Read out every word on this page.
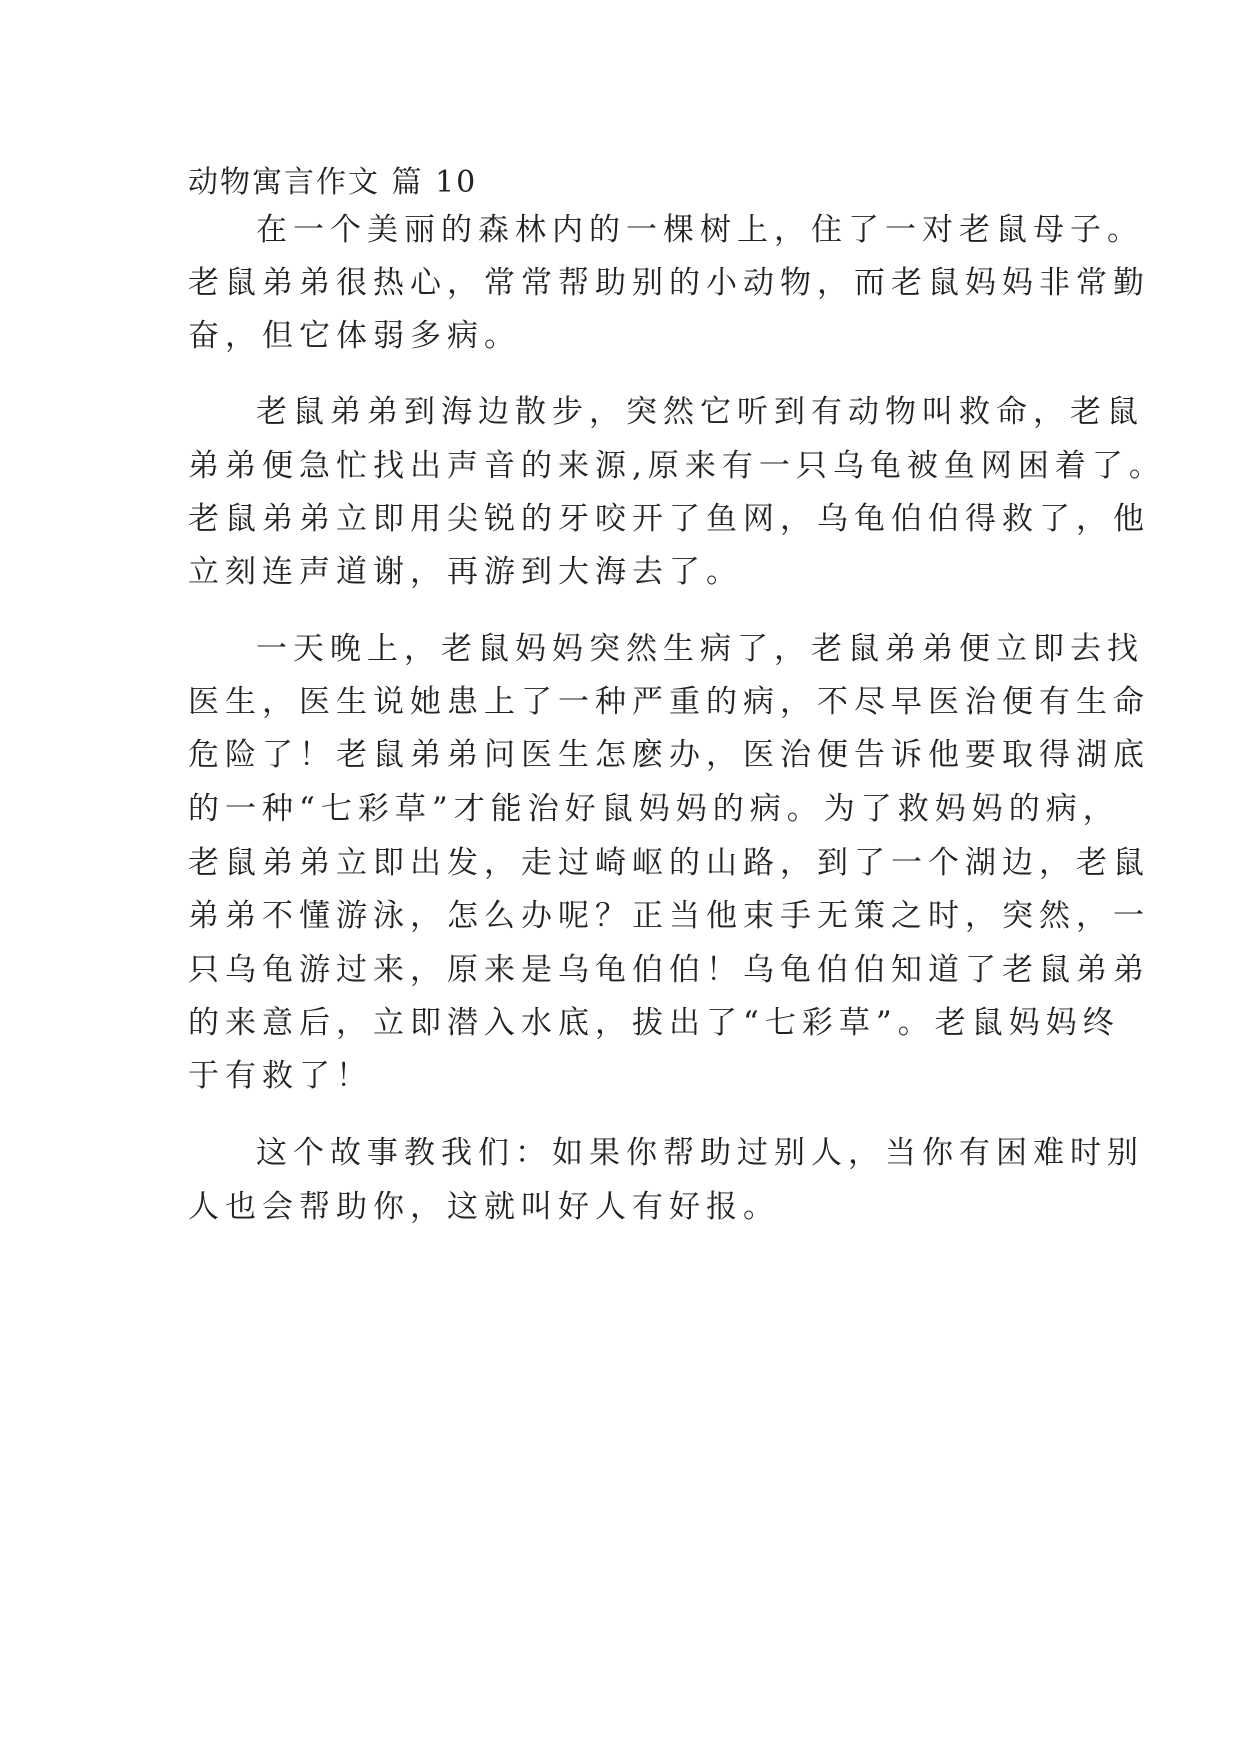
动物寓言作文 篇 10
在一个美丽的森林内的一棵树上，住了一对老鼠母子。
老鼠弟弟很热心，常常帮助别的小动物，而老鼠妈妈非常勤
奋，但它体弱多病。
老鼠弟弟到海边散步，突然它听到有动物叫救命，老鼠
弟弟便急忙找出声音的来源,原来有一只乌龟被鱼网困着了。
老鼠弟弟立即用尖锐的牙咬开了鱼网，乌龟伯伯得救了，他
立刻连声道谢，再游到大海去了。
一天晚上，老鼠妈妈突然生病了，老鼠弟弟便立即去找
医生，医生说她患上了一种严重的病，不尽早医治便有生命
危险了！老鼠弟弟问医生怎麽办，医治便告诉他要取得湖底
的一种“七彩草”才能治好鼠妈妈的病。为了救妈妈的病，
老鼠弟弟立即出发，走过崎岖的山路，到了一个湖边，老鼠
弟弟不懂游泳，怎么办呢？正当他束手无策之时，突然，一
只乌龟游过来，原来是乌龟伯伯！乌龟伯伯知道了老鼠弟弟
的来意后，立即潜入水底，拔出了“七彩草”。老鼠妈妈终
于有救了！
这个故事教我们：如果你帮助过别人，当你有困难时别
人也会帮助你，这就叫好人有好报。
